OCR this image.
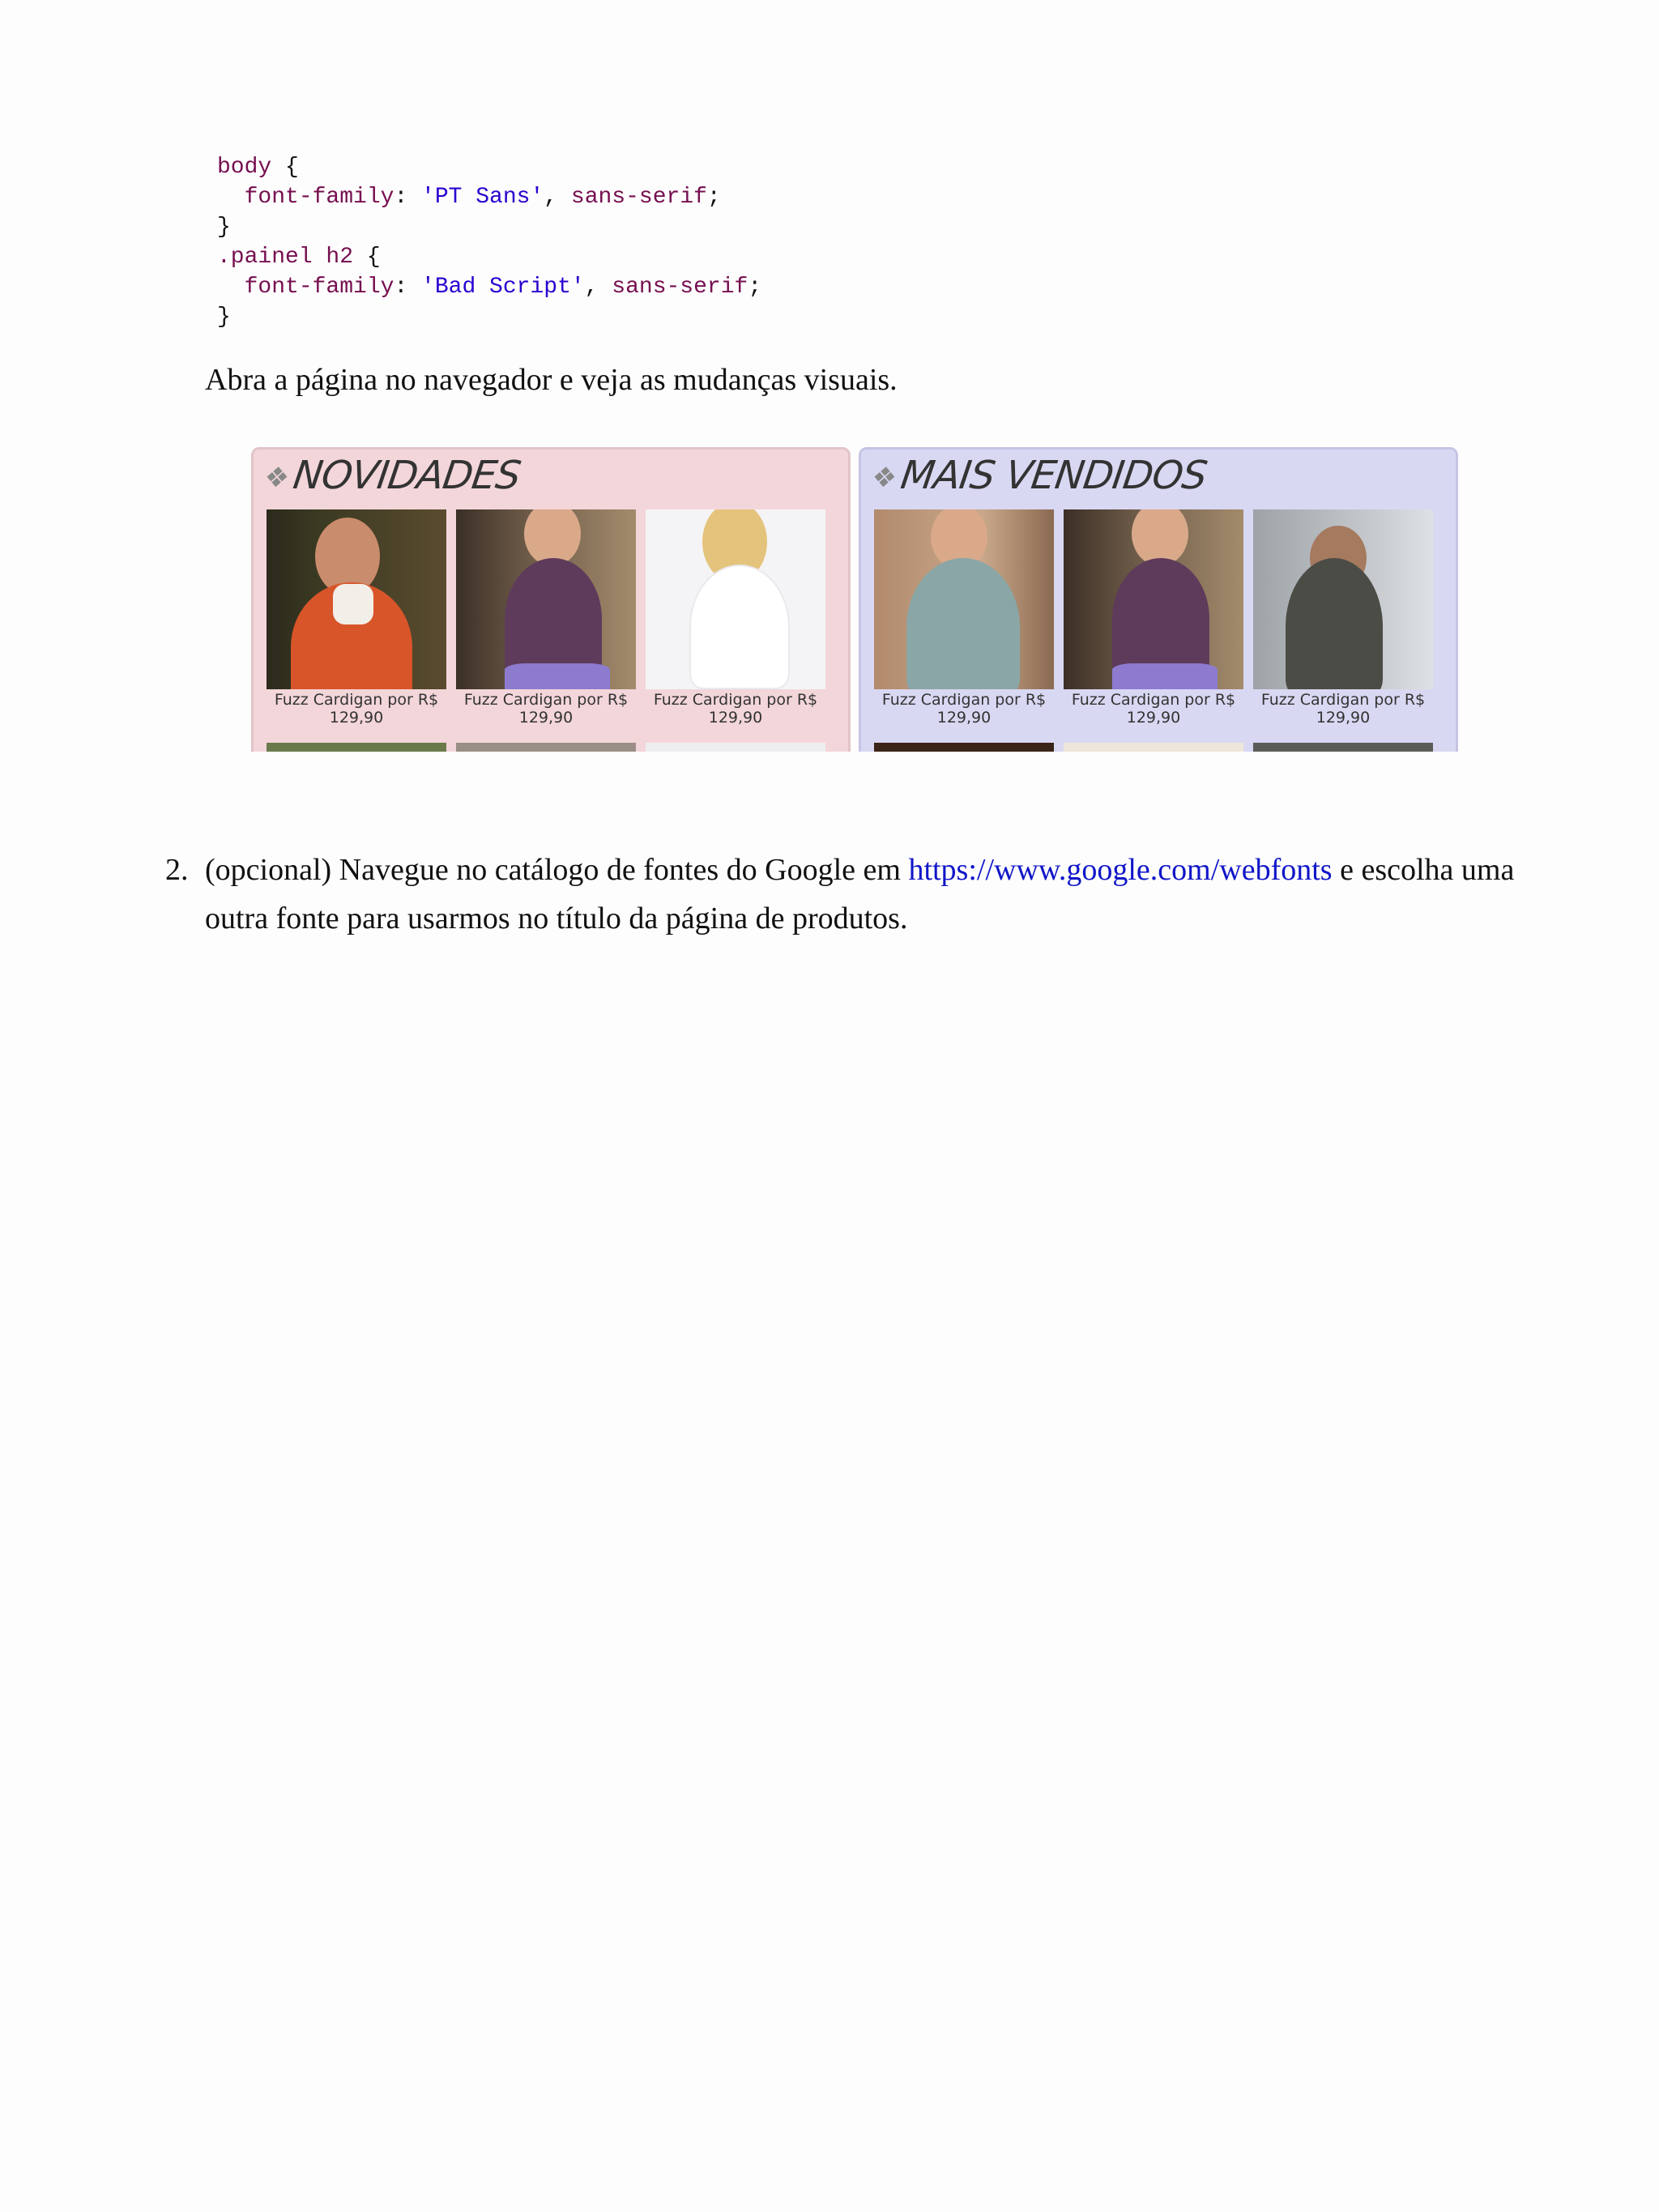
body {
font-family: 'PT Sans', sans-serif;
}
.painel h2 {
font-family: 'Bad Script', sans-serif;
}

Abra a página no navegador e veja as mudanças visuais.

❖NOVIDADES
Fuzz Cardigan por R$
129,90
Fuzz Cardigan por R$
129,90
Fuzz Cardigan por R$
129,90
❖MAIS VENDIDOS
Fuzz Cardigan por R$
129,90
Fuzz Cardigan por R$
129,90
Fuzz Cardigan por R$
129,90
2. (opcional) Navegue no catálogo de fontes do Google em https://www.google.com/webfonts e escolha uma outra fonte para usarmos no título da página de produtos.
